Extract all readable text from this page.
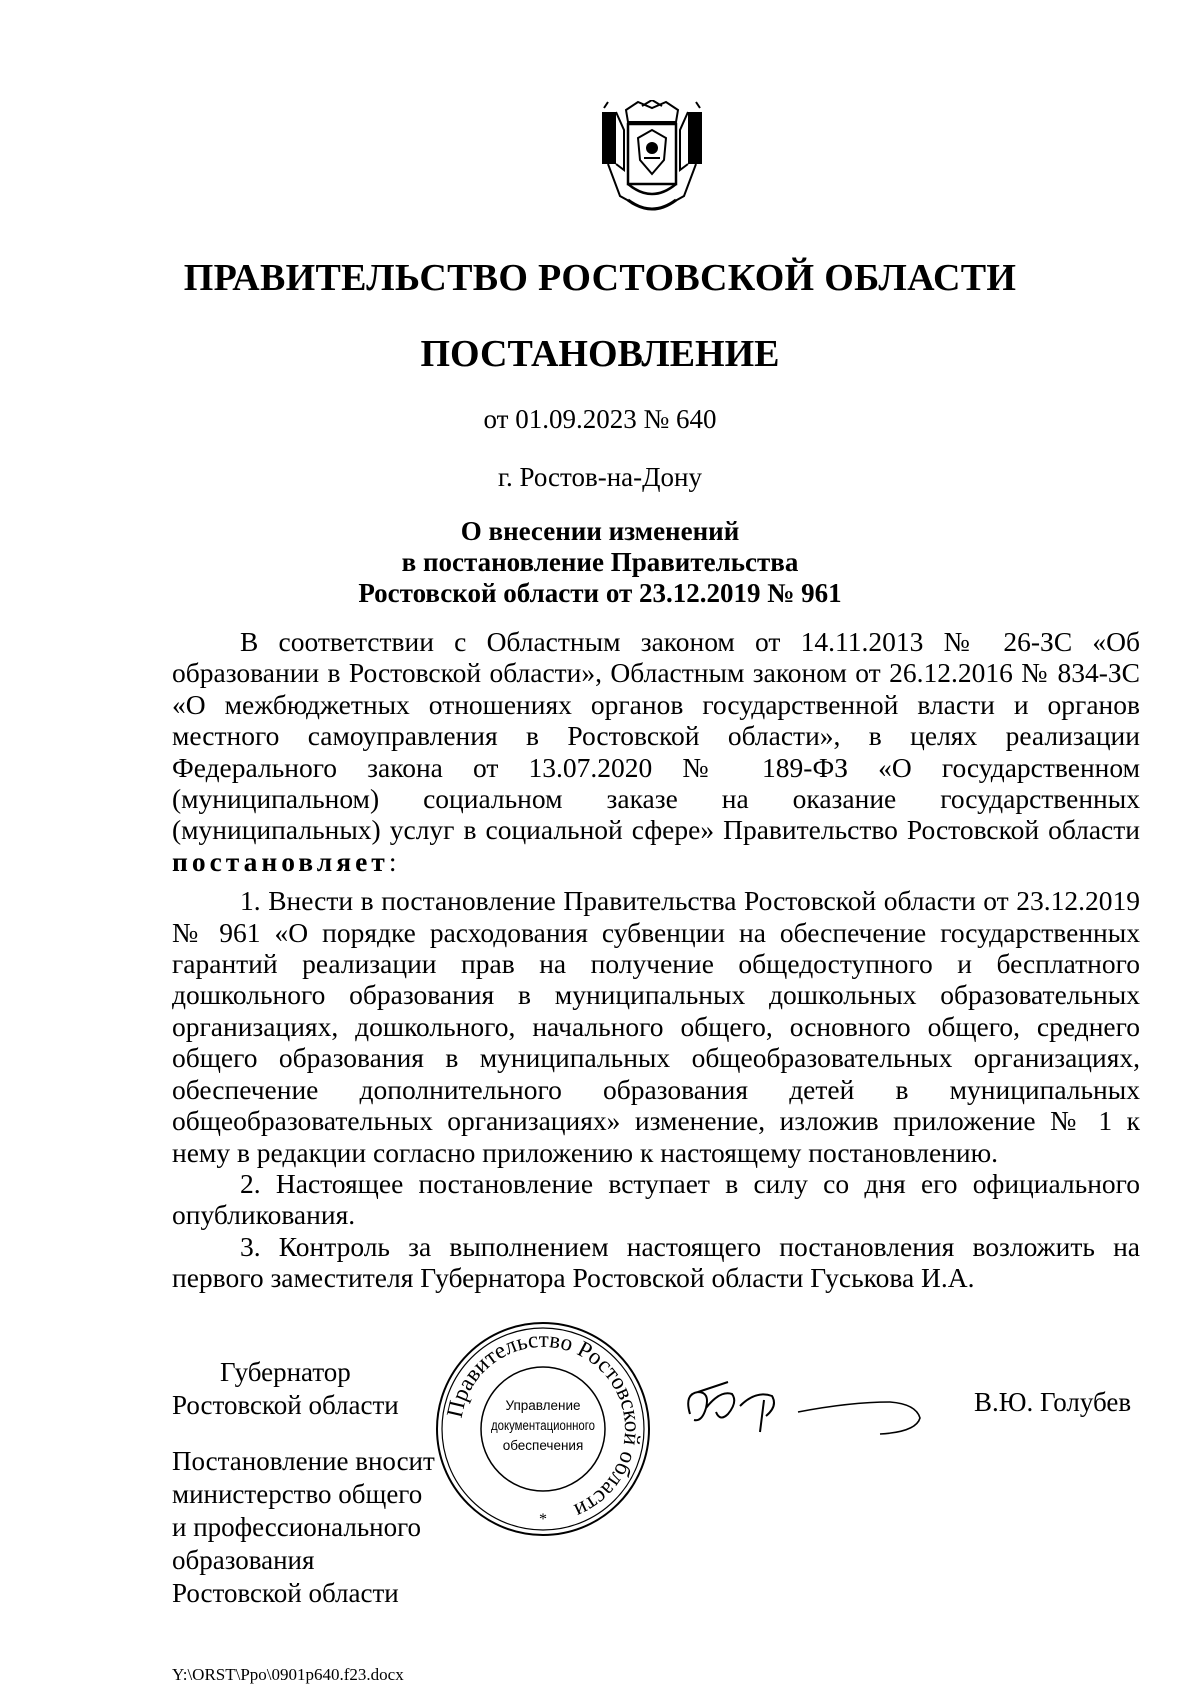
ПРАВИТЕЛЬСТВО РОСТОВСКОЙ ОБЛАСТИ
ПОСТАНОВЛЕНИЕ
от 01.09.2023 № 640
г. Ростов-на-Дону
О внесении изменений
в постановление Правительства
Ростовской области от 23.12.2019 № 961

В соответствии с Областным законом от 14.11.2013 № 26-ЗС «Об образовании в Ростовской области», Областным законом от 26.12.2016 № 834-ЗС «О межбюджетных отношениях органов государственной власти и органов местного самоуправления в Ростовской области», в целях реализации Федерального закона от 13.07.2020 № 189-ФЗ «О государственном (муниципальном) социальном заказе на оказание государственных (муниципальных) услуг в социальной сфере» Правительство Ростовской области постановляет:

1. Внести в постановление Правительства Ростовской области от 23.12.2019 № 961 «О порядке расходования субвенции на обеспечение государственных гарантий реализации прав на получение общедоступного и бесплатного дошкольного образования в муниципальных дошкольных образовательных организациях, дошкольного, начального общего, основного общего, среднего общего образования в муниципальных общеобразовательных организациях, обеспечение дополнительного образования детей в муниципальных общеобразовательных организациях» изменение, изложив приложение № 1 к нему в редакции согласно приложению к настоящему постановлению.

2. Настоящее постановление вступает в силу со дня его официального опубликования.

3. Контроль за выполнением настоящего постановления возложить на первого заместителя Губернатора Ростовской области Гуськова И.А.

Губернатор
Ростовской области	В.Ю. Голубев
Правительство Ростовской области
Управление
документационного
обеспечения
*
Постановление вносит
министерство общего
и профессионального
образования
Ростовской области
Y:\ORST\Ppo\0901p640.f23.docx
